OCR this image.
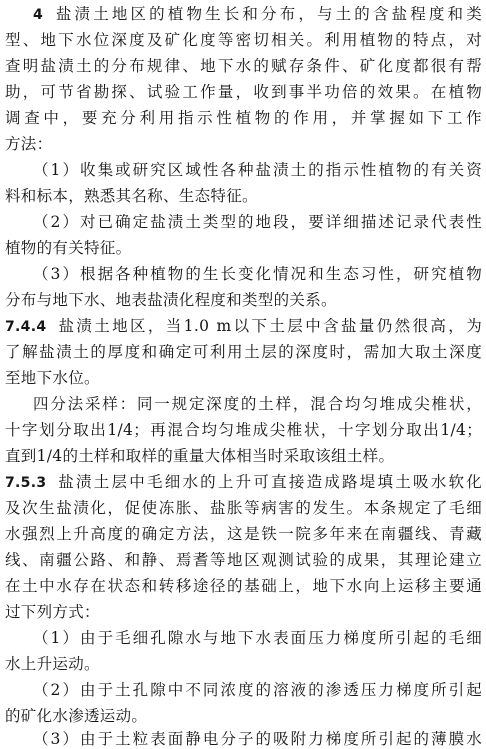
4 盐渍土地区的植物生长和分布，与土的含盐程度和类
型、地下水位深度及矿化度等密切相关。利用植物的特点，对
查明盐渍土的分布规律、地下水的赋存条件、矿化度都很有帮
助，可节省勘探、试验工作量，收到事半功倍的效果。在植物
调查中，要充分利用指示性植物的作用，并掌握如下工作
方法：
（1）收集或研究区域性各种盐渍土的指示性植物的有关资
料和标本，熟悉其名称、生态特征。
（2）对已确定盐渍土类型的地段，要详细描述记录代表性
植物的有关特征。
（3）根据各种植物的生长变化情况和生态习性，研究植物
分布与地下水、地表盐渍化程度和类型的关系。
7.4.4 盐渍土地区，当1.0 m以下土层中含盐量仍然很高，为
了解盐渍土的厚度和确定可利用土层的深度时，需加大取土深度
至地下水位。
四分法采样：同一规定深度的土样，混合均匀堆成尖椎状，
十字划分取出1/4；再混合均匀堆成尖椎状，十字划分取出1/4；
直到1/4的土样和取样的重量大体相当时采取该组土样。
7.5.3 盐渍土层中毛细水的上升可直接造成路堤填土吸水软化
及次生盐渍化，促使冻胀、盐胀等病害的发生。本条规定了毛细
水强烈上升高度的确定方法，这是铁一院多年来在南疆线、青藏
线、南疆公路、和静、焉耆等地区观测试验的成果，其理论建立
在土中水存在状态和转移途径的基础上，地下水向上运移主要通
过下列方式：
（1）由于毛细孔隙水与地下水表面压力梯度所引起的毛细
水上升运动。
（2）由于土孔隙中不同浓度的溶液的渗透压力梯度所引起
的矿化水渗透运动。
（3）由于土粒表面静电分子的吸附力梯度所引起的薄膜水
